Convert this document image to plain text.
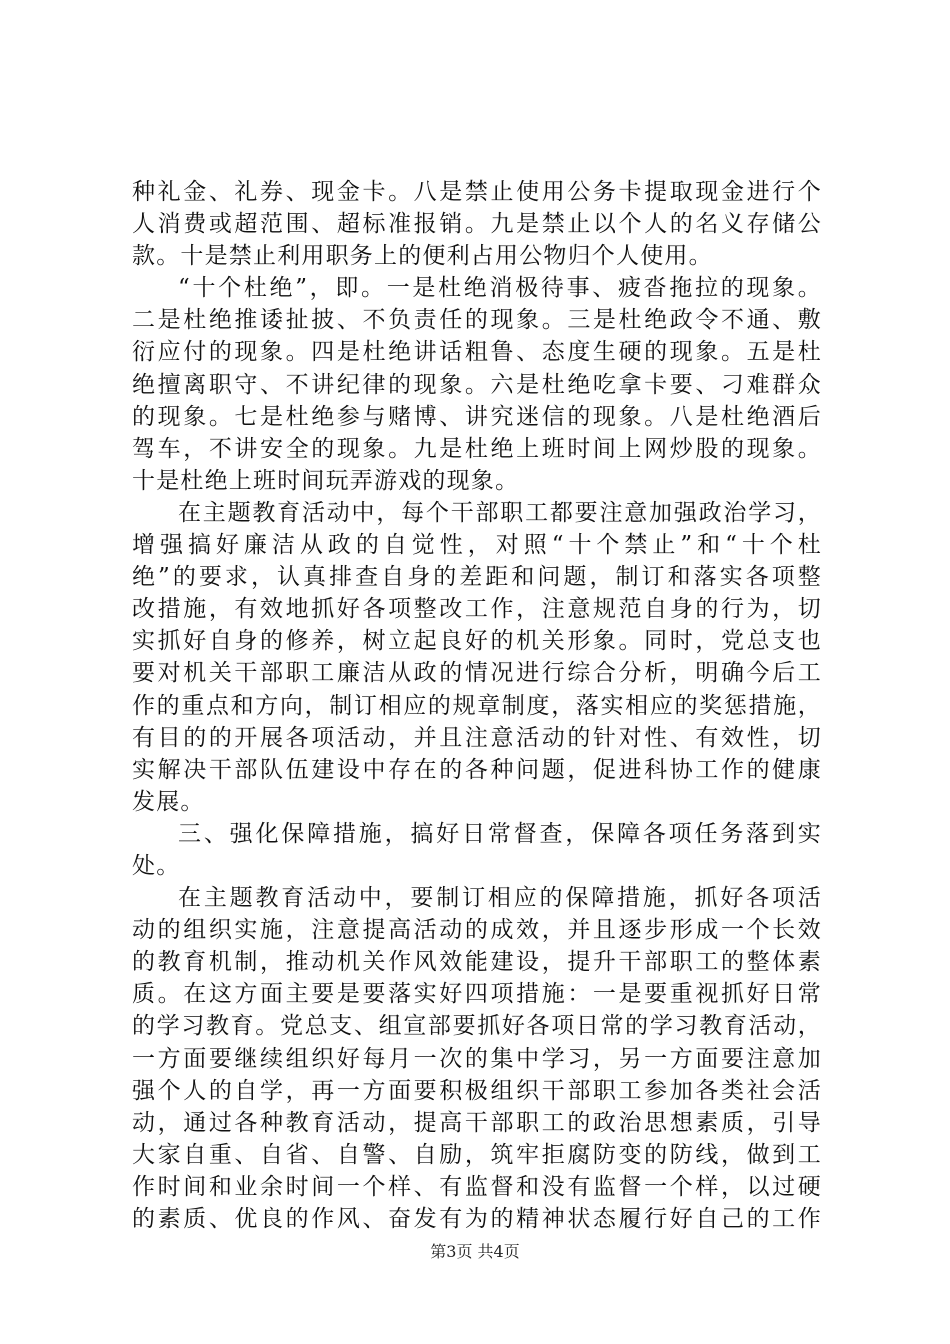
种礼金、礼券、现金卡。八是禁止使用公务卡提取现金进行个
人消费或超范围、超标准报销。九是禁止以个人的名义存储公
款。十是禁止利用职务上的便利占用公物归个人使用。
“十个杜绝”，即。一是杜绝消极待事、疲沓拖拉的现象。
二是杜绝推诿扯披、不负责任的现象。三是杜绝政令不通、敷
衍应付的现象。四是杜绝讲话粗鲁、态度生硬的现象。五是杜
绝擅离职守、不讲纪律的现象。六是杜绝吃拿卡要、刁难群众
的现象。七是杜绝参与赌博、讲究迷信的现象。八是杜绝酒后
驾车，不讲安全的现象。九是杜绝上班时间上网炒股的现象。
十是杜绝上班时间玩弄游戏的现象。
在主题教育活动中，每个干部职工都要注意加强政治学习，
增强搞好廉洁从政的自觉性，对照“十个禁止”和“十个杜
绝”的要求，认真排查自身的差距和问题，制订和落实各项整
改措施，有效地抓好各项整改工作，注意规范自身的行为，切
实抓好自身的修养，树立起良好的机关形象。同时，党总支也
要对机关干部职工廉洁从政的情况进行综合分析，明确今后工
作的重点和方向，制订相应的规章制度，落实相应的奖惩措施，
有目的的开展各项活动，并且注意活动的针对性、有效性，切
实解决干部队伍建设中存在的各种问题，促进科协工作的健康
发展。
三、强化保障措施，搞好日常督查，保障各项任务落到实
处。
在主题教育活动中，要制订相应的保障措施，抓好各项活
动的组织实施，注意提高活动的成效，并且逐步形成一个长效
的教育机制，推动机关作风效能建设，提升干部职工的整体素
质。在这方面主要是要落实好四项措施：一是要重视抓好日常
的学习教育。党总支、组宣部要抓好各项日常的学习教育活动，
一方面要继续组织好每月一次的集中学习，另一方面要注意加
强个人的自学，再一方面要积极组织干部职工参加各类社会活
动，通过各种教育活动，提高干部职工的政治思想素质，引导
大家自重、自省、自警、自励，筑牢拒腐防变的防线，做到工
作时间和业余时间一个样、有监督和没有监督一个样，以过硬
的素质、优良的作风、奋发有为的精神状态履行好自己的工作
第3页 共4页
